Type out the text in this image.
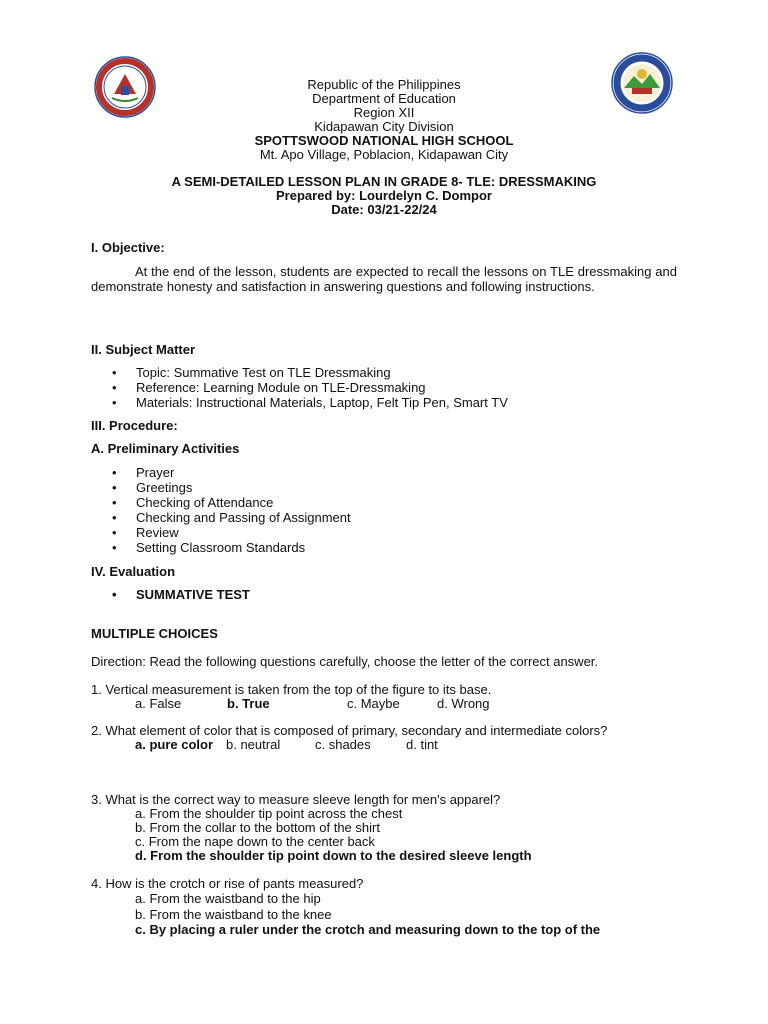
Republic of the Philippines
Department of Education
Region XII
Kidapawan City Division
SPOTTSWOOD NATIONAL HIGH SCHOOL
Mt. Apo Village, Poblacion, Kidapawan City
A SEMI-DETAILED LESSON PLAN IN GRADE 8- TLE: DRESSMAKING
Prepared by: Lourdelyn C. Dompor
Date: 03/21-22/24
I. Objective:
At the end of the lesson, students are expected to recall the lessons on TLE dressmaking and demonstrate honesty and satisfaction in answering questions and following instructions.
II. Subject Matter
• Topic: Summative Test on TLE Dressmaking
• Reference: Learning Module on TLE-Dressmaking
• Materials: Instructional Materials, Laptop, Felt Tip Pen, Smart TV
III. Procedure:
A. Preliminary Activities
• Prayer
• Greetings
• Checking of Attendance
• Checking and Passing of Assignment
• Review
• Setting Classroom Standards
IV. Evaluation
• SUMMATIVE TEST
MULTIPLE CHOICES
Direction: Read the following questions carefully, choose the letter of the correct answer.
1. Vertical measurement is taken from the top of the figure to its base.
a. False	b. True	c. Maybe	d. Wrong
2. What element of color that is composed of primary, secondary and intermediate colors?
a. pure color b. neutral	c. shades	d. tint
3. What is the correct way to measure sleeve length for men's apparel?
a. From the shoulder tip point across the chest
b. From the collar to the bottom of the shirt
c. From the nape down to the center back
d. From the shoulder tip point down to the desired sleeve length
4. How is the crotch or rise of pants measured?
a. From the waistband to the hip
b. From the waistband to the knee
c. By placing a ruler under the crotch and measuring down to the top of the
